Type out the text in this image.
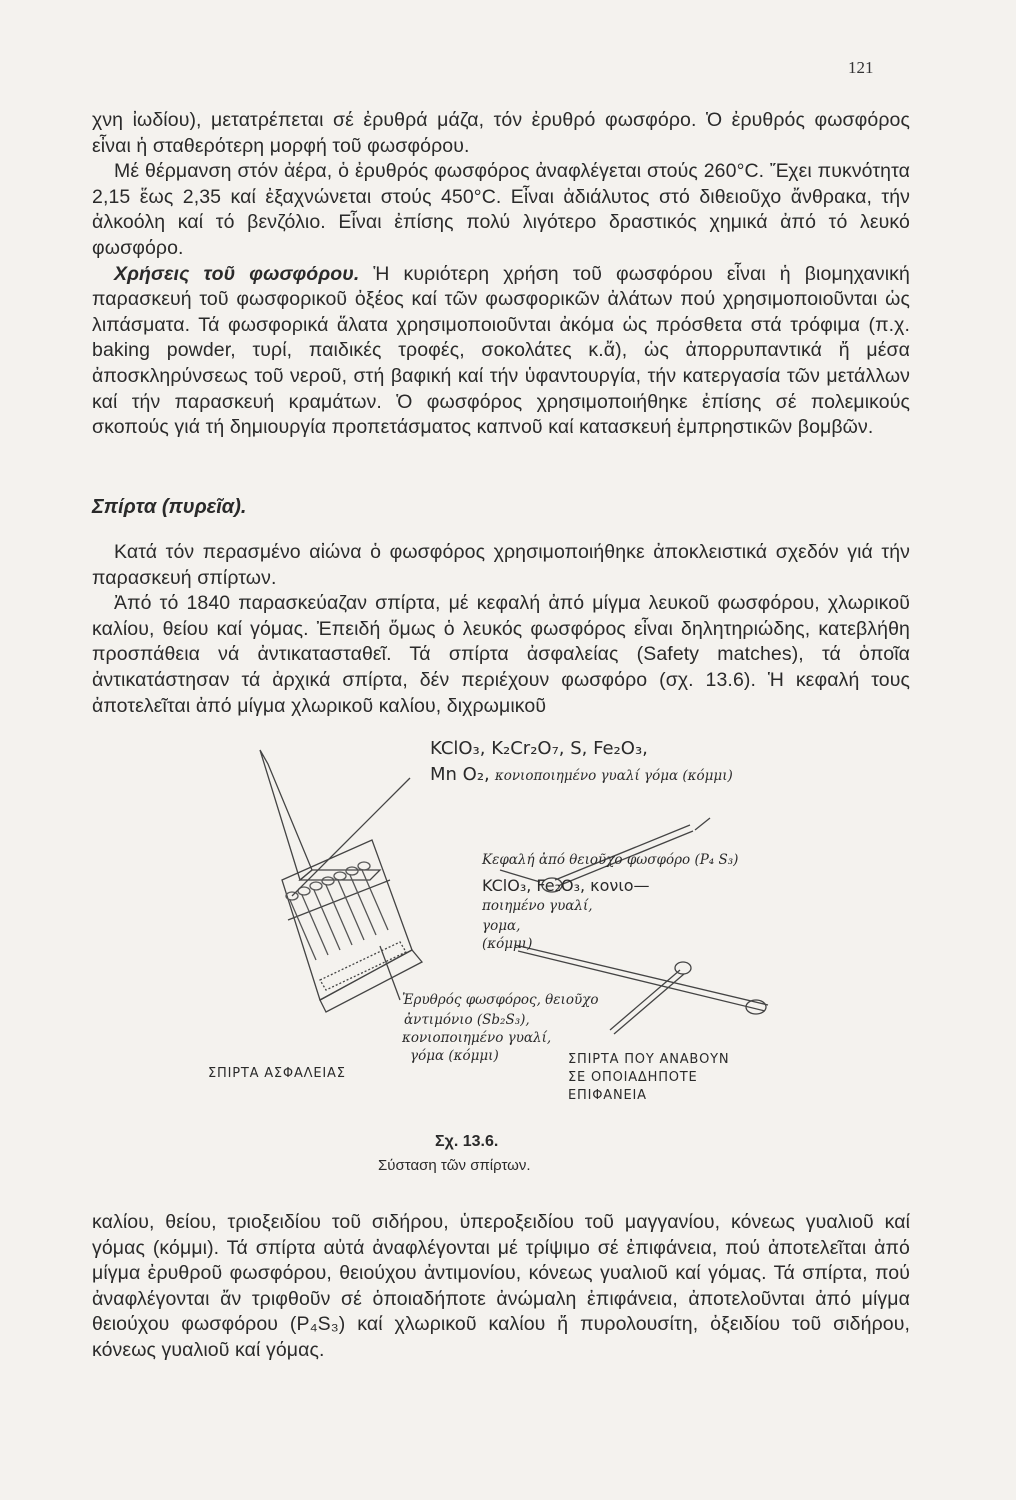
121

χνη ἰωδίου), μετατρέπεται σέ ἐρυθρά μάζα, τόν ἐρυθρό φωσφόρο. Ὁ ἐρυθρός φωσφόρος εἶναι ἡ σταθερότερη μορφή τοῦ φωσφόρου.

Μέ θέρμανση στόν ἀέρα, ὁ ἐρυθρός φωσφόρος ἀναφλέγεται στούς 260°C. Ἔχει πυκνότητα 2,15 ἕως 2,35 καί ἐξαχνώνεται στούς 450°C. Εἶναι ἀδιάλυτος στό διθειοῦχο ἄνθρακα, τήν ἀλκοόλη καί τό βενζόλιο. Εἶναι ἐπίσης πολύ λιγότερο δραστικός χημικά ἀπό τό λευκό φωσφόρο.

Χρήσεις τοῦ φωσφόρου. Ἡ κυριότερη χρήση τοῦ φωσφόρου εἶναι ἡ βιομηχανική παρασκευή τοῦ φωσφορικοῦ ὀξέος καί τῶν φωσφορικῶν ἀλάτων πού χρησιμοποιοῦνται ὡς λιπάσματα. Τά φωσφορικά ἅλατα χρησιμοποιοῦνται ἀκόμα ὡς πρόσθετα στά τρόφιμα (π.χ. baking powder, τυρί, παιδικές τροφές, σοκολάτες κ.ἄ), ὡς ἀπορρυπαντικά ἤ μέσα ἀποσκληρύνσεως τοῦ νεροῦ, στή βαφική καί τήν ὑφαντουργία, τήν κατεργασία τῶν μετάλλων καί τήν παρασκευή κραμάτων. Ὁ φωσφόρος χρησιμοποιήθηκε ἐπίσης σέ πολεμικούς σκοπούς γιά τή δημιουργία προπετάσματος καπνοῦ καί κατασκευή ἐμπρηστικῶν βομβῶν.

Σπίρτα (πυρεῖα).

Κατά τόν περασμένο αἰώνα ὁ φωσφόρος χρησιμοποιήθηκε ἀποκλειστικά σχεδόν γιά τήν παρασκευή σπίρτων.

Ἀπό τό 1840 παρασκεύαζαν σπίρτα, μέ κεφαλή ἀπό μίγμα λευκοῦ φωσφόρου, χλωρικοῦ καλίου, θείου καί γόμας. Ἐπειδή ὅμως ὁ λευκός φωσφόρος εἶναι δηλητηριώδης, κατεβλήθη προσπάθεια νά ἀντικατασταθεῖ. Τά σπίρτα ἀσφαλείας (Safety matches), τά ὁποῖα ἀντικατάστησαν τά ἀρχικά σπίρτα, δέν περιέχουν φωσφόρο (σχ. 13.6). Ἡ κεφαλή τους ἀποτελεῖται ἀπό μίγμα χλωρικοῦ καλίου, διχρωμικοῦ

KClO₃, K₂Cr₂O₇, S, Fe₂O₃,
Mn O₂, κονιοποιημένο γυαλί γόμα (κόμμι)
Κεφαλή ἀπό θειοῦχο φωσφόρο (P₄ S₃)
KClO₃, Fe₂O₃, κονιο—
ποιημένο γυαλί,
γομα,
(κόμμι)
Ἐρυθρός φωσφόρος, θειοῦχο
ἀντιμόνιο (Sb₂S₃),
κονιοποιημένο γυαλί,
γόμα (κόμμι)
ΣΠΙΡΤΑ ΑΣΦΑΛΕΙΑΣ
ΣΠΙΡΤΑ ΠΟΥ ΑΝΑΒΟΥΝ
ΣΕ ΟΠΟΙΑΔΗΠΟΤΕ
ΕΠΙΦΑΝΕΙΑ
Σχ. 13.6.
Σύσταση τῶν σπίρτων.

καλίου, θείου, τριοξειδίου τοῦ σιδήρου, ὑπεροξειδίου τοῦ μαγγανίου, κόνεως γυαλιοῦ καί γόμας (κόμμι). Τά σπίρτα αὐτά ἀναφλέγονται μέ τρίψιμο σέ ἐπιφάνεια, πού ἀποτελεῖται ἀπό μίγμα ἐρυθροῦ φωσφόρου, θειούχου ἀντιμονίου, κόνεως γυαλιοῦ καί γόμας. Τά σπίρτα, πού ἀναφλέγονται ἄν τριφθοῦν σέ ὁποιαδήποτε ἀνώμαλη ἐπιφάνεια, ἀποτελοῦνται ἀπό μίγμα θειούχου φωσφόρου (P₄S₃) καί χλωρικοῦ καλίου ἤ πυρολουσίτη, ὀξειδίου τοῦ σιδήρου, κόνεως γυαλιοῦ καί γόμας.
